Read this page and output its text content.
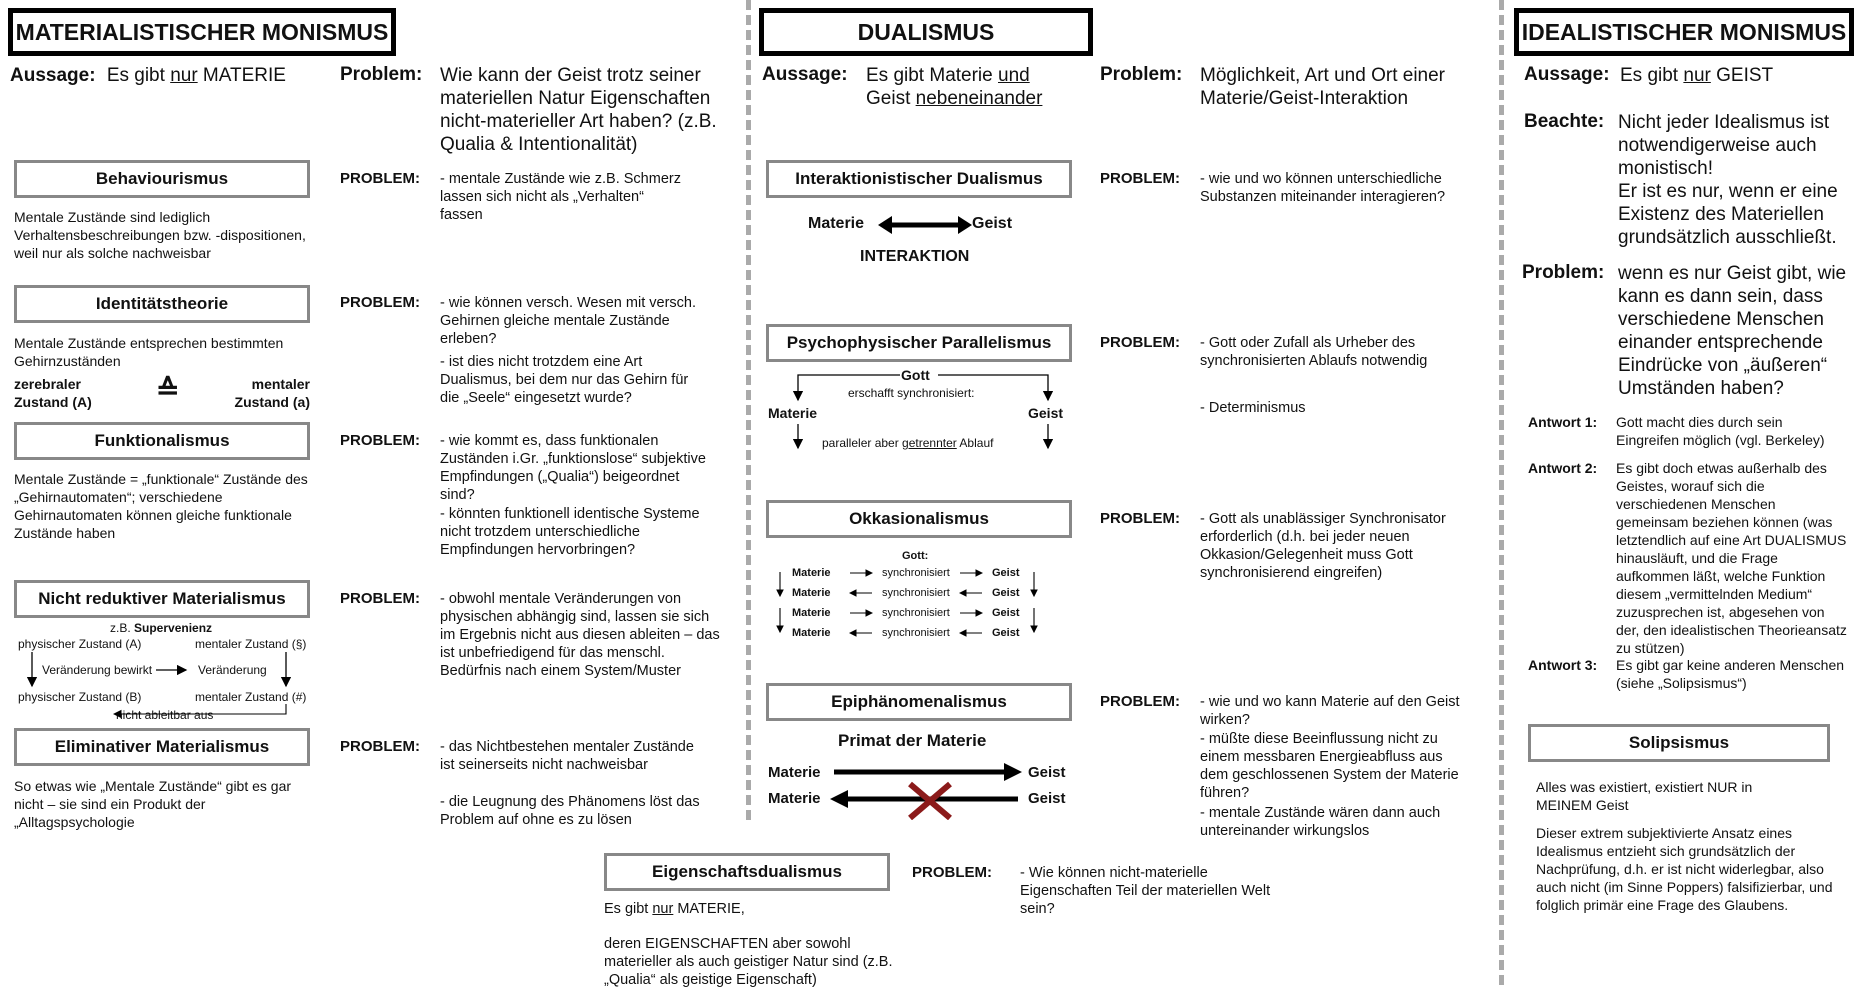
MATERIALISTISCHER MONISMUS	DUALISMUS	IDEALISTISCHER MONISMUS
Aussage: Es gibt nur MATERIE	Problem: Wie kann der Geist trotz seiner materiellen Natur Eigenschaften nicht-materieller Art haben? (z.B. Qualia & Intentionalität)
Aussage: Es gibt Materie und
Geist nebeneinander
Problem: Möglichkeit, Art und Ort einer Materie/Geist-Interaktion
Aussage: Es gibt nur GEIST
Beachte: Nicht jeder Idealismus ist notwendigerweise auch monistisch!

Er ist es nur, wenn er eine Existenz des Materiellen grundsätzlich ausschließt.

Problem: wenn es nur Geist gibt, wie kann es dann sein, dass verschiedene Menschen einander entsprechende Eindrücke von „äußeren“ Umständen haben?
Antwort 1: Gott macht dies durch sein Eingreifen möglich (vgl. Berkeley)
Antwort 2: Es gibt doch etwas außerhalb des Geistes, worauf sich die verschiedenen Menschen gemeinsam beziehen können (was letztendlich auf eine Art DUALISMUS hinausläuft, und die Frage aufkommen läßt, welche Funktion diesem „vermittelnden Medium“ zuzusprechen ist, abgesehen von der, den idealistischen Theorieansatz zu stützen)
Antwort 3: Es gibt gar keine anderen Menschen (siehe „Solipsismus“)
Solipsismus
Alles was existiert, existiert NUR in MEINEM Geist
Dieser extrem subjektivierte Ansatz eines Idealismus entzieht sich grundsätzlich der Nachprüfung, d.h. er ist nicht widerlegbar, also auch nicht (im Sinne Poppers) falsifizierbar, und folglich primär eine Frage des Glaubens.
Behaviourismus
Mentale Zustände sind lediglich Verhaltensbeschreibungen bzw. -dispositionen, weil nur als solche nachweisbar
PROBLEM: - mentale Zustände wie z.B. Schmerz lassen sich nicht als „Verhalten“ fassen
Identitätstheorie
Mentale Zustände entsprechen bestimmten Gehirnzuständen
zerebraler Zustand (A)	≙	mentaler Zustand (a)
PROBLEM: - wie können versch. Wesen mit versch. Gehirnen gleiche mentale Zustände erleben?
- ist dies nicht trotzdem eine Art Dualismus, bei dem nur das Gehirn für die „Seele“ eingesetzt wurde?
Funktionalismus
Mentale Zustände = „funktionale“ Zustände des „Gehirnautomaten“; verschiedene Gehirnautomaten können gleiche funktionale Zustände haben
PROBLEM: - wie kommt es, dass funktionalen Zuständen i.Gr. „funktionslose“ subjektive Empfindungen („Qualia“) beigeordnet sind?
- könnten funktionell identische Systeme nicht trotzdem unterschiedliche Empfindungen hervorbringen?
Nicht reduktiver Materialismus
z.B. Supervenienz
physischer Zustand (A)	mentaler Zustand (§)
Veränderung bewirkt	Veränderung
physischer Zustand (B)	mentaler Zustand (#)
nicht ableitbar aus
PROBLEM: - obwohl mentale Veränderungen von physischen abhängig sind, lassen sie sich im Ergebnis nicht aus diesen ableiten – das ist unbefriedigend für das menschl. Bedürfnis nach einem System/Muster
Eliminativer Materialismus
So etwas wie „Mentale Zustände“ gibt es gar nicht – sie sind ein Produkt der „Alltagspsychologie
PROBLEM: - das Nichtbestehen mentaler Zustände ist seinerseits nicht nachweisbar
- die Leugnung des Phänomens löst das Problem auf ohne es zu lösen
Interaktionistischer Dualismus
Materie	Geist
INTERAKTION
PROBLEM: - wie und wo können unterschiedliche Substanzen miteinander interagieren?
Psychophysischer Parallelismus
Gott
erschafft synchronisiert:
Materie	Geist
paralleler aber getrennter Ablauf
PROBLEM: - Gott oder Zufall als Urheber des synchronisierten Ablaufs notwendig
- Determinismus
Okkasionalismus
Gott:
Materie	synchronisiert	Geist
Materie	synchronisiert	Geist
Materie	synchronisiert	Geist
Materie	synchronisiert	Geist
PROBLEM: - Gott als unablässiger Synchronisator erforderlich (d.h. bei jeder neuen Okkasion/Gelegenheit muss Gott synchronisierend eingreifen)
Epiphänomenalismus
Primat der Materie
Materie	Geist
Materie	Geist
PROBLEM: - wie und wo kann Materie auf den Geist wirken?
- müßte diese Beeinflussung nicht zu einem messbaren Energieabfluss aus dem geschlossenen System der Materie führen?
- mentale Zustände wären dann auch untereinander wirkungslos
Eigenschaftsdualismus
Es gibt nur MATERIE,
deren EIGENSCHAFTEN aber sowohl materieller als auch geistiger Natur sind (z.B. „Qualia“ als geistige Eigenschaft)
PROBLEM: - Wie können nicht-materielle Eigenschaften Teil der materiellen Welt sein?
